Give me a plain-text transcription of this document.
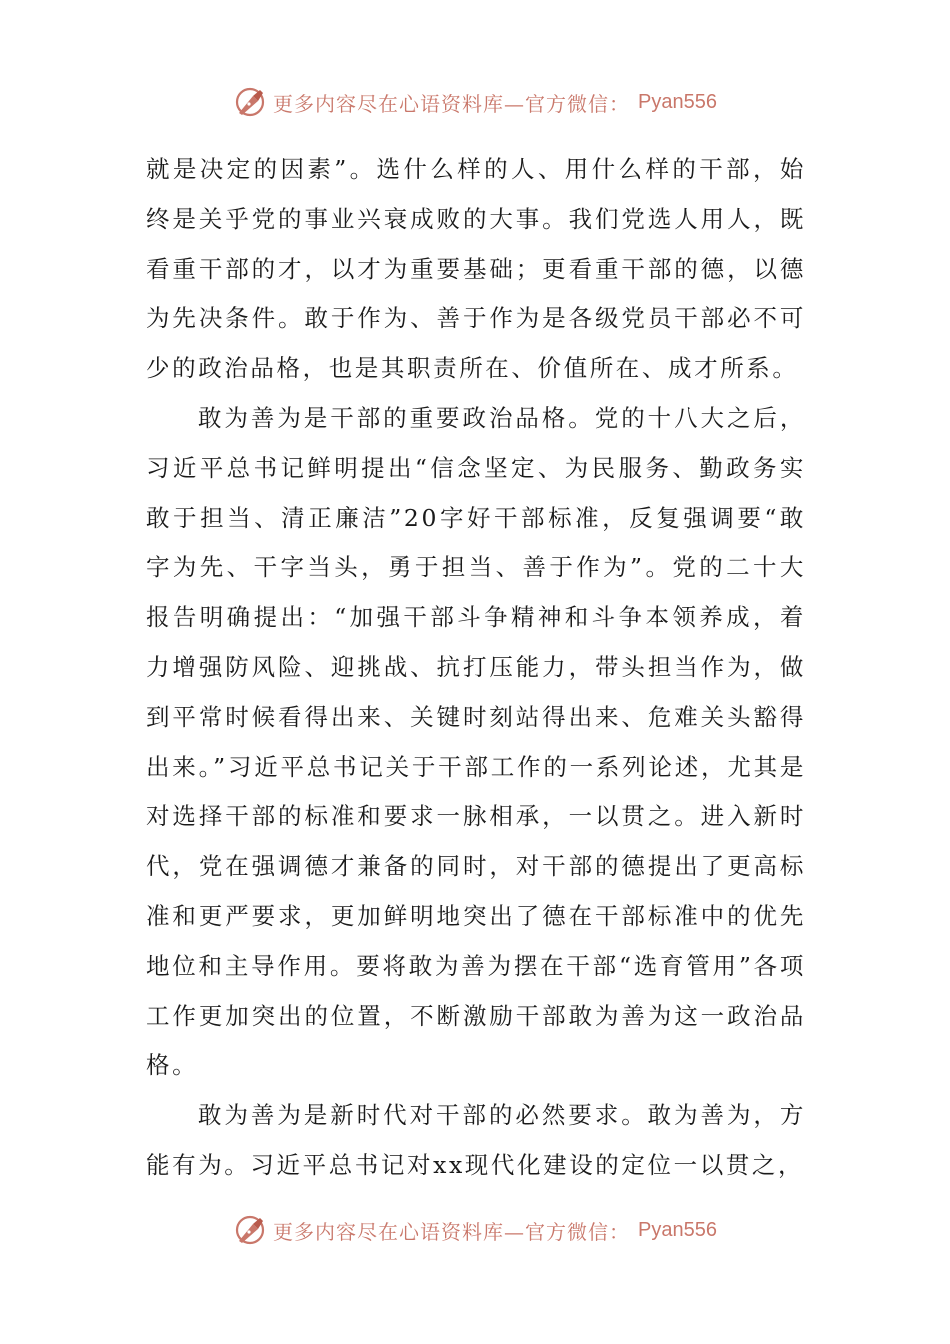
更多内容尽在心语资料库—官方微信： Pyan556

就是决定的因素”。选什么样的人、用什么样的干部，始终是关乎党的事业兴衰成败的大事。我们党选人用人，既看重干部的才，以才为重要基础；更看重干部的德，以德为先决条件。敢于作为、善于作为是各级党员干部必不可少的政治品格，也是其职责所在、价值所在、成才所系。

敢为善为是干部的重要政治品格。党的十八大之后，习近平总书记鲜明提出“信念坚定、为民服务、勤政务实敢于担当、清正廉洁”20字好干部标准，反复强调要“敢字为先、干字当头，勇于担当、善于作为”。党的二十大报告明确提出：“加强干部斗争精神和斗争本领养成，着力增强防风险、迎挑战、抗打压能力，带头担当作为，做到平常时候看得出来、关键时刻站得出来、危难关头豁得出来。”习近平总书记关于干部工作的一系列论述，尤其是对选择干部的标准和要求一脉相承，一以贯之。进入新时代，党在强调德才兼备的同时，对干部的德提出了更高标准和更严要求，更加鲜明地突出了德在干部标准中的优先地位和主导作用。要将敢为善为摆在干部“选育管用”各项工作更加突出的位置，不断激励干部敢为善为这一政治品格。

敢为善为是新时代对干部的必然要求。敢为善为，方能有为。习近平总书记对xx现代化建设的定位一以贯之，

更多内容尽在心语资料库—官方微信： Pyan556
